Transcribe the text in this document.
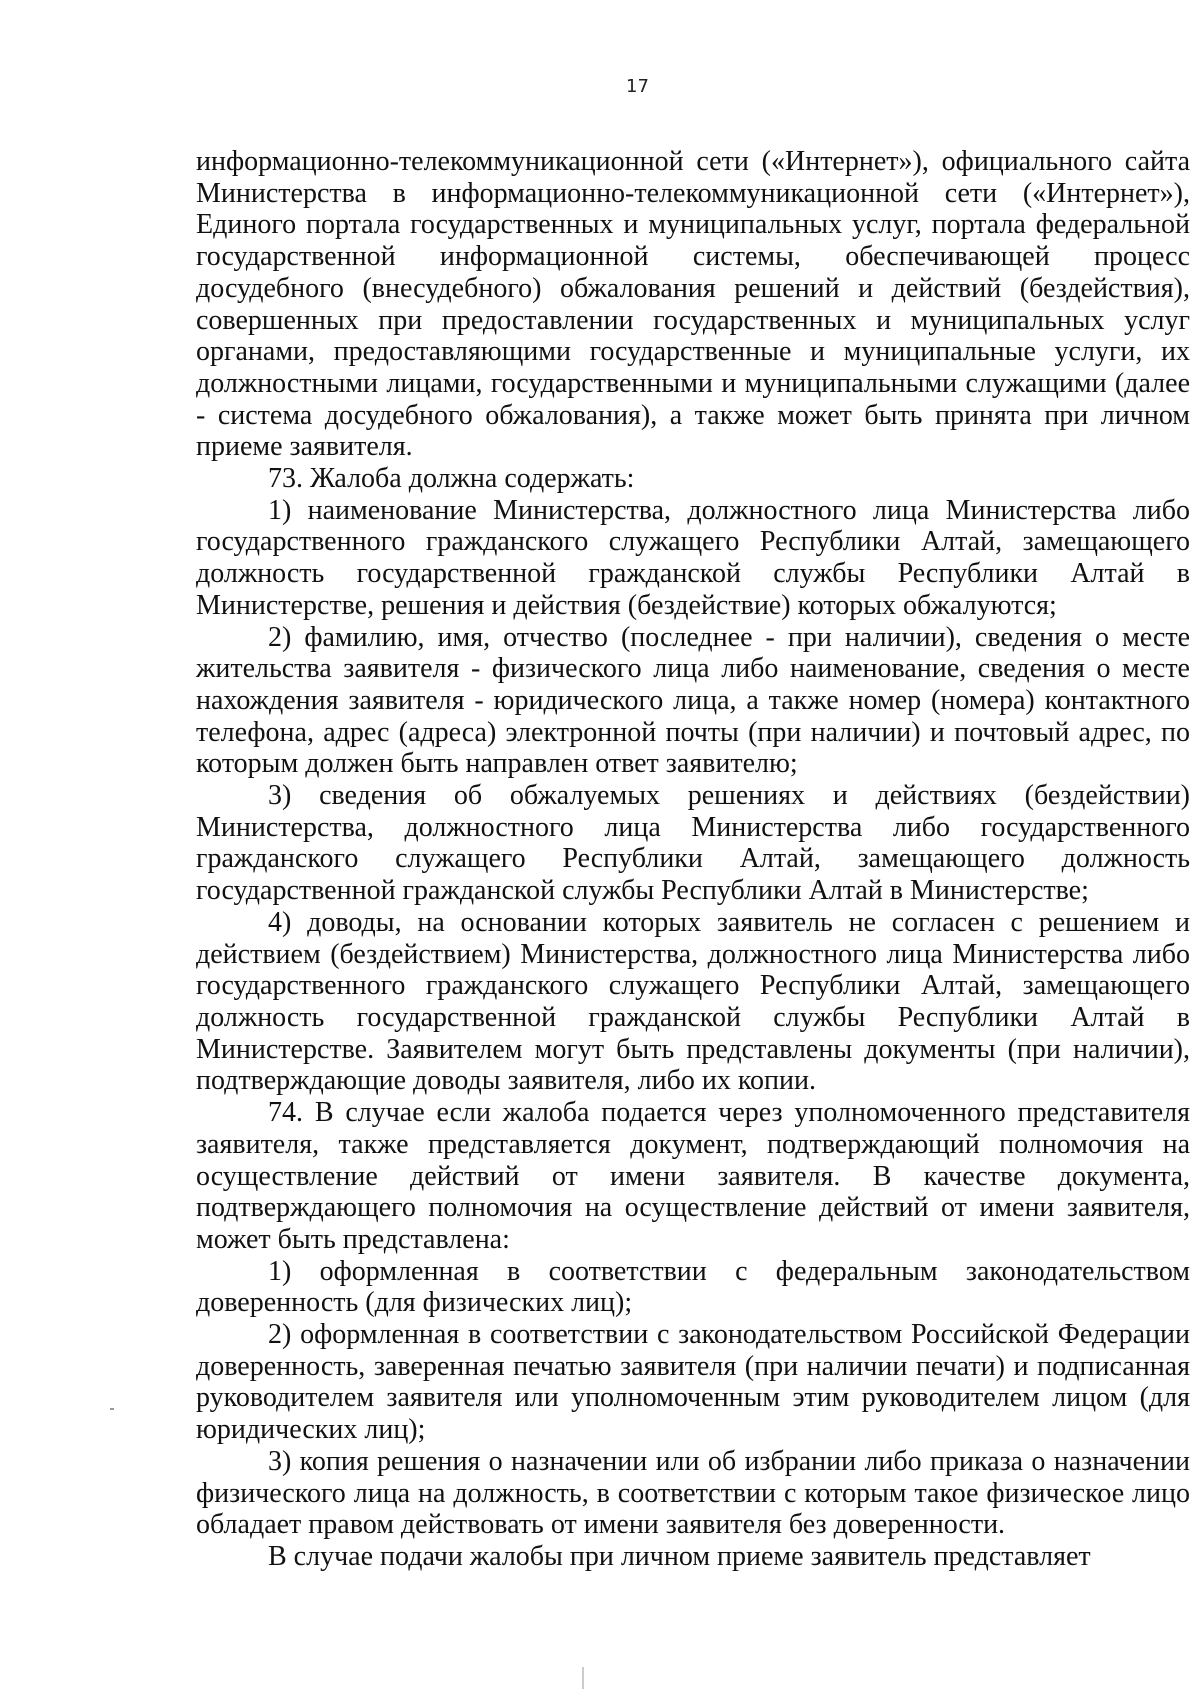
17

информационно-телекоммуникационной сети («Интернет»), официального сайта Министерства в информационно-телекоммуникационной сети («Интернет»), Единого портала государственных и муниципальных услуг, портала федеральной государственной информационной системы, обеспечивающей процесс досудебного (внесудебного) обжалования решений и действий (бездействия), совершенных при предоставлении государственных и муниципальных услуг органами, предоставляющими государственные и муниципальные услуги, их должностными лицами, государственными и муниципальными служащими (далее - система досудебного обжалования), а также может быть принята при личном приеме заявителя.

73. Жалоба должна содержать:

1) наименование Министерства, должностного лица Министерства либо государственного гражданского служащего Республики Алтай, замещающего должность государственной гражданской службы Республики Алтай в Министерстве, решения и действия (бездействие) которых обжалуются;

2) фамилию, имя, отчество (последнее - при наличии), сведения о месте жительства заявителя - физического лица либо наименование, сведения о месте нахождения заявителя - юридического лица, а также номер (номера) контактного телефона, адрес (адреса) электронной почты (при наличии) и почтовый адрес, по которым должен быть направлен ответ заявителю;

3) сведения об обжалуемых решениях и действиях (бездействии) Министерства, должностного лица Министерства либо государственного гражданского служащего Республики Алтай, замещающего должность государственной гражданской службы Республики Алтай в Министерстве;

4) доводы, на основании которых заявитель не согласен с решением и действием (бездействием) Министерства, должностного лица Министерства либо государственного гражданского служащего Республики Алтай, замещающего должность государственной гражданской службы Республики Алтай в Министерстве. Заявителем могут быть представлены документы (при наличии), подтверждающие доводы заявителя, либо их копии.

74. В случае если жалоба подается через уполномоченного представителя заявителя, также представляется документ, подтверждающий полномочия на осуществление действий от имени заявителя. В качестве документа, подтверждающего полномочия на осуществление действий от имени заявителя, может быть представлена:

1) оформленная в соответствии с федеральным законодательством доверенность (для физических лиц);

2) оформленная в соответствии с законодательством Российской Федерации доверенность, заверенная печатью заявителя (при наличии печати) и подписанная руководителем заявителя или уполномоченным этим руководителем лицом (для юридических лиц);

3) копия решения о назначении или об избрании либо приказа о назначении физического лица на должность, в соответствии с которым такое физическое лицо обладает правом действовать от имени заявителя без доверенности.

В случае подачи жалобы при личном приеме заявитель представляет
